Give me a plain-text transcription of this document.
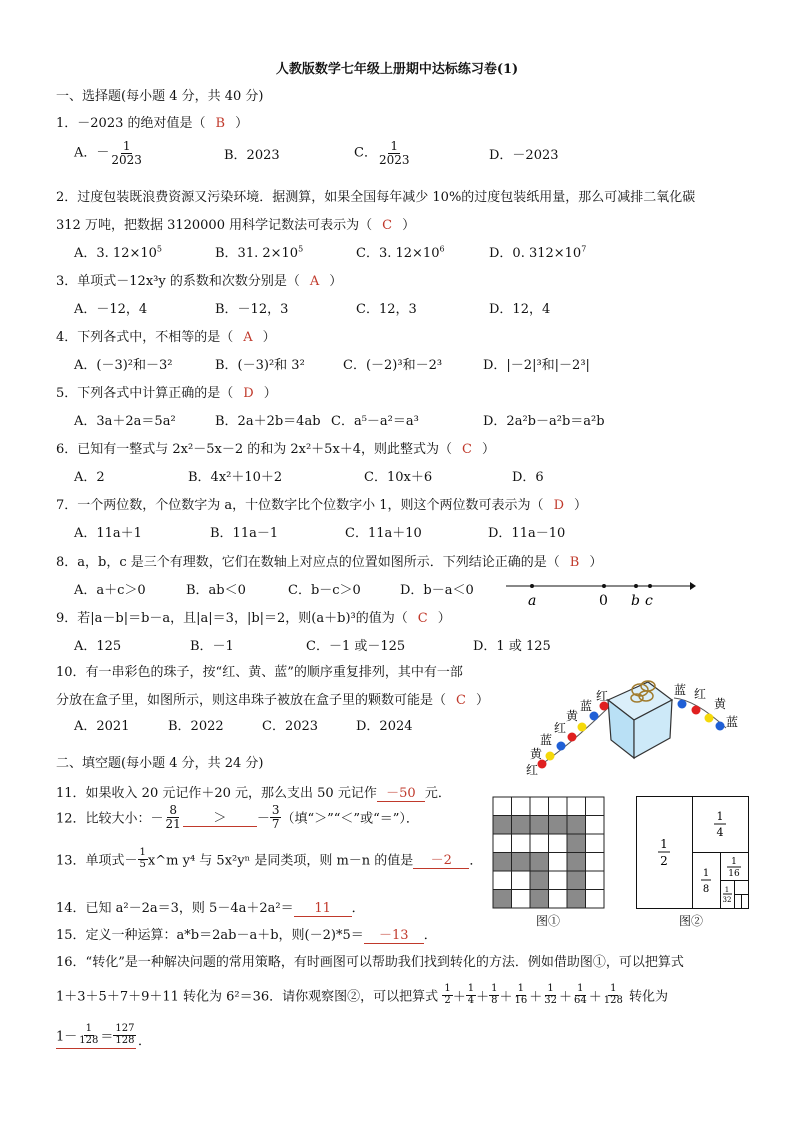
人教版数学七年级上册期中达标练习卷(1)
一、选择题(每小题 4 分，共 40 分)
1．－2023 的绝对值是（ B ）
A．－ $\frac{1}{2023}$	B．2023	C． $\frac{1}{2023}$	D．－2023
2．过度包装既浪费资源又污染环境．据测算，如果全国每年减少 10%的过度包装纸用量，那么可减排二氧化碳
312 万吨，把数据 3120000 用科学记数法可表示为（ C ）
A．3. $12\times 10^5$	B．31. $2\times 10^5$	C．3. $12\times 10^6$	D．0. $312\times 10^7$
3．单项式－12x³y 的系数和次数分别是（ A ）
A．－12，4	B．－12，3	C．12，3	D．12，4
4．下列各式中，不相等的是（ A ）
A．(－3)²和－3²	B．(－3)²和 3²	C．(－2)³和－2³	D．|－2|³和|－2³|
5．下列各式中计算正确的是（ D ）
A．3a＋2a＝5a²	B．2a＋2b＝4ab C．a⁵－a²＝a³	D．2a²b－a²b＝a²b
6．已知有一整式与 2x²－5x－2 的和为 2x²＋5x＋4，则此整式为（ C ）
A．2	B．4x²＋10＋2	C．10x＋6	D．6
7．一个两位数，个位数字为 a，十位数字比个位数字小 1，则这个两位数可表示为（ D ）
A．11a＋1	B．11a－1	C．11a＋10	D．11a－10
8．a，b，c 是三个有理数，它们在数轴上对应点的位置如图所示．下列结论正确的是（ B ）
A．a＋c＞0	B．ab＜0	C．b－c＞0	D．b－a＜0
a	0 b c
9．若|a－b|＝b－a，且|a|＝3，|b|＝2，则(a＋b)³的值为（ C ）
A．125	B．－1	C．－1 或－125	D．1 或 125
10．有一串彩色的珠子，按“红、黄、蓝”的顺序重复排列，其中有一部
分放在盒子里，如图所示，则这串珠子被放在盒子里的颗数可能是（ C ）
A．2021	B．2022	C．2023	D．2024
红
黄
蓝
红
黄
蓝
红	蓝 红
黄
蓝
二、填空题(每小题 4 分，共 24 分)
11．如果收入 20 元记作＋20 元，那么支出 50 元记作 －50 元．
12．比较大小：－ $\frac{8}{21}$ ＞ － $\frac{3}{7}$ （填“＞”“＜”或“＝”）．
13．单项式－ $\frac{1}{5}$ x^m y⁴ 与 5x²yⁿ 是同类项，则 m－n 的值是 －2 ．
14．已知 a²－2a＝3，则 5－4a＋2a²＝ 11 ．
15．定义一种运算：a*b＝2ab－a＋b，则(－2)*5＝ －13 ．
16．“转化”是一种解决问题的常用策略，有时画图可以帮助我们找到转化的方法．例如借助图①，可以把算式
1＋3＋5＋7＋9＋11 转化为 6²＝36．请你观察图②，可以把算式 $\frac{1}{2} + \frac{1}{4} + \frac{1}{8} + \frac{1}{16} + \frac{1}{32} + \frac{1}{64} + \frac{1}{128}$ 转化为
$1- \frac{1}{128} = \frac{127}{128}$ ．
图①
1
2
1
4
1
8
1
16
1
32
图②
